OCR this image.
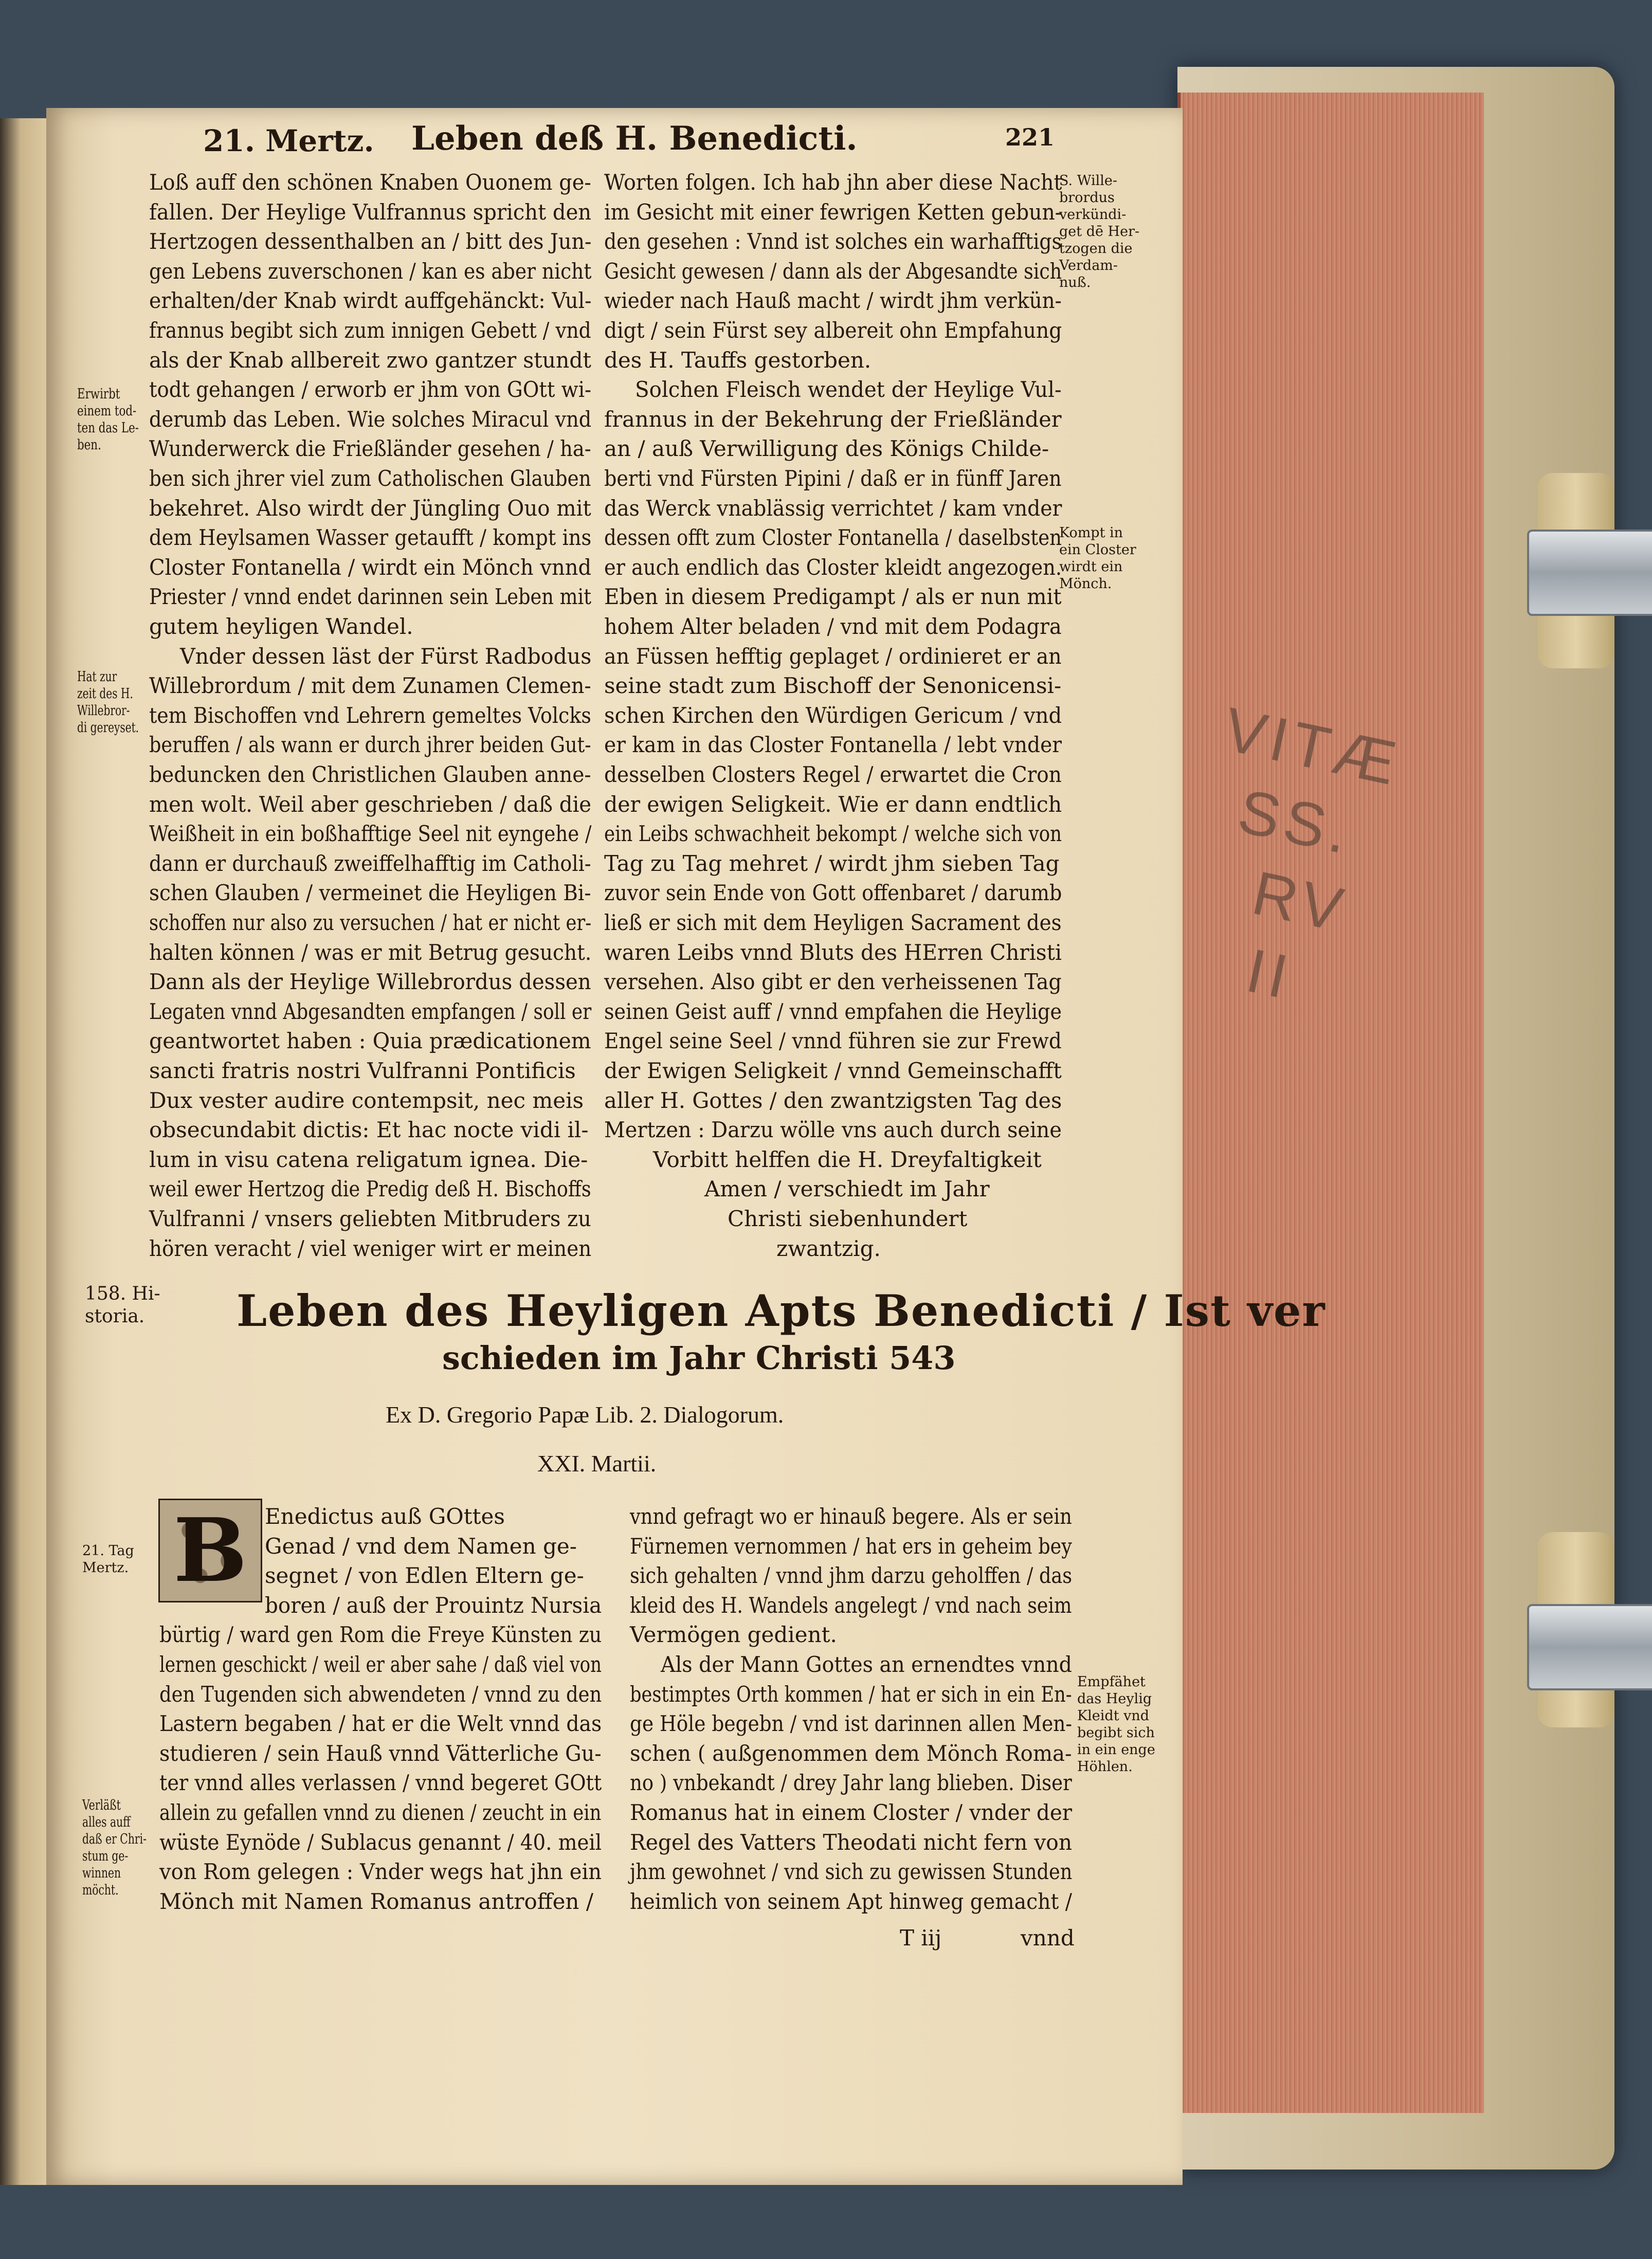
VITÆ
SS.
RV
II
21. Mertz. Leben deß H. Benedicti.	221
Loß auff den schönen Knaben Ouonem ge-
fallen. Der Heylige Vulfrannus spricht den
Hertzogen dessenthalben an / bitt des Jun-
gen Lebens zuverschonen / kan es aber nicht
erhalten/der Knab wirdt auffgehänckt: Vul-
frannus begibt sich zum innigen Gebett / vnd
als der Knab allbereit zwo gantzer stundt
todt gehangen / erworb er jhm von GOtt wi-
derumb das Leben. Wie solches Miracul vnd
Wunderwerck die Frießländer gesehen / ha-
ben sich jhrer viel zum Catholischen Glauben
bekehret. Also wirdt der Jüngling Ouo mit
dem Heylsamen Wasser getaufft / kompt ins
Closter Fontanella / wirdt ein Mönch vnnd
Priester / vnnd endet darinnen sein Leben mit
gutem heyligen Wandel.
Vnder dessen läst der Fürst Radbodus
Willebrordum / mit dem Zunamen Clemen-
tem Bischoffen vnd Lehrern gemeltes Volcks
beruffen / als wann er durch jhrer beiden Gut-
beduncken den Christlichen Glauben anne-
men wolt. Weil aber geschrieben / daß die
Weißheit in ein boßhafftige Seel nit eyngehe /
dann er durchauß zweiffelhafftig im Catholi-
schen Glauben / vermeinet die Heyligen Bi-
schoffen nur also zu versuchen / hat er nicht er-
halten können / was er mit Betrug gesucht.
Dann als der Heylige Willebrordus dessen
Legaten vnnd Abgesandten empfangen / soll er
geantwortet haben : Quia prædicationem
sancti fratris nostri Vulfranni Pontificis
Dux vester audire contempsit, nec meis
obsecundabit dictis: Et hac nocte vidi il-
lum in visu catena religatum ignea. Die-
weil ewer Hertzog die Predig deß H. Bischoffs
Vulfranni / vnsers geliebten Mitbruders zu
hören veracht / viel weniger wirt er meinen
Worten folgen. Ich hab jhn aber diese Nacht
im Gesicht mit einer fewrigen Ketten gebun-
den gesehen : Vnnd ist solches ein warhafftigs
Gesicht gewesen / dann als der Abgesandte sich
wieder nach Hauß macht / wirdt jhm verkün-
digt / sein Fürst sey albereit ohn Empfahung
des H. Tauffs gestorben.
Solchen Fleisch wendet der Heylige Vul-
frannus in der Bekehrung der Frießländer
an / auß Verwilligung des Königs Childe-
berti vnd Fürsten Pipini / daß er in fünff Jaren
das Werck vnablässig verrichtet / kam vnder
dessen offt zum Closter Fontanella / daselbsten
er auch endlich das Closter kleidt angezogen.
Eben in diesem Predigampt / als er nun mit
hohem Alter beladen / vnd mit dem Podagra
an Füssen hefftig geplaget / ordinieret er an
seine stadt zum Bischoff der Senonicensi-
schen Kirchen den Würdigen Gericum / vnd
er kam in das Closter Fontanella / lebt vnder
desselben Closters Regel / erwartet die Cron
der ewigen Seligkeit. Wie er dann endtlich
ein Leibs schwachheit bekompt / welche sich von
Tag zu Tag mehret / wirdt jhm sieben Tag
zuvor sein Ende von Gott offenbaret / darumb
ließ er sich mit dem Heyligen Sacrament des
waren Leibs vnnd Bluts des HErren Christi
versehen. Also gibt er den verheissenen Tag
seinen Geist auff / vnnd empfahen die Heylige
Engel seine Seel / vnnd führen sie zur Frewd
der Ewigen Seligkeit / vnnd Gemeinschafft
aller H. Gottes / den zwantzigsten Tag des
Mertzen : Darzu wölle vns auch durch seine
Vorbitt helffen die H. Dreyfaltigkeit
Amen / verschiedt im Jahr
Christi siebenhundert
zwantzig.
Erwirbt
einem tod-
ten das Le-
ben.
Hat zur
zeit des H.
Willebror-
di gereyset.
S. Wille-
brordus
verkündi-
get dē Her-
tzogen die
Verdam-
nuß.
Kompt in
ein Closter
wirdt ein
Mönch.
158. Hi-
storia.	Leben des Heyligen Apts Benedicti / Ist ver
schieden im Jahr Christi 543
Ex D. Gregorio Papæ Lib. 2. Dialogorum.
XXI. Martii.
B Enedictus auß GOttes
Genad / vnd dem Namen ge-
segnet / von Edlen Eltern ge-
boren / auß der Prouintz Nursia
bürtig / ward gen Rom die Freye Künsten zu
lernen geschickt / weil er aber sahe / daß viel von
den Tugenden sich abwendeten / vnnd zu den
Lastern begaben / hat er die Welt vnnd das
studieren / sein Hauß vnnd Vätterliche Gu-
ter vnnd alles verlassen / vnnd begeret GOtt
allein zu gefallen vnnd zu dienen / zeucht in ein
wüste Eynöde / Sublacus genannt / 40. meil
von Rom gelegen : Vnder wegs hat jhn ein
Mönch mit Namen Romanus antroffen /
vnnd gefragt wo er hinauß begere. Als er sein
Fürnemen vernommen / hat ers in geheim bey
sich gehalten / vnnd jhm darzu geholffen / das
kleid des H. Wandels angelegt / vnd nach seim
Vermögen gedient.
Als der Mann Gottes an ernendtes vnnd
bestimptes Orth kommen / hat er sich in ein En-
ge Höle begebn / vnd ist darinnen allen Men-
schen ( außgenommen dem Mönch Roma-
no ) vnbekandt / drey Jahr lang blieben. Diser
Romanus hat in einem Closter / vnder der
Regel des Vatters Theodati nicht fern von
jhm gewohnet / vnd sich zu gewissen Stunden
heimlich von seinem Apt hinweg gemacht /
21. Tag
Mertz.
Verläßt
alles auff
daß er Chri-
stum ge-
winnen
möcht.
Empfähet
das Heylig
Kleidt vnd
begibt sich
in ein enge
Höhlen.
T iij	vnnd
